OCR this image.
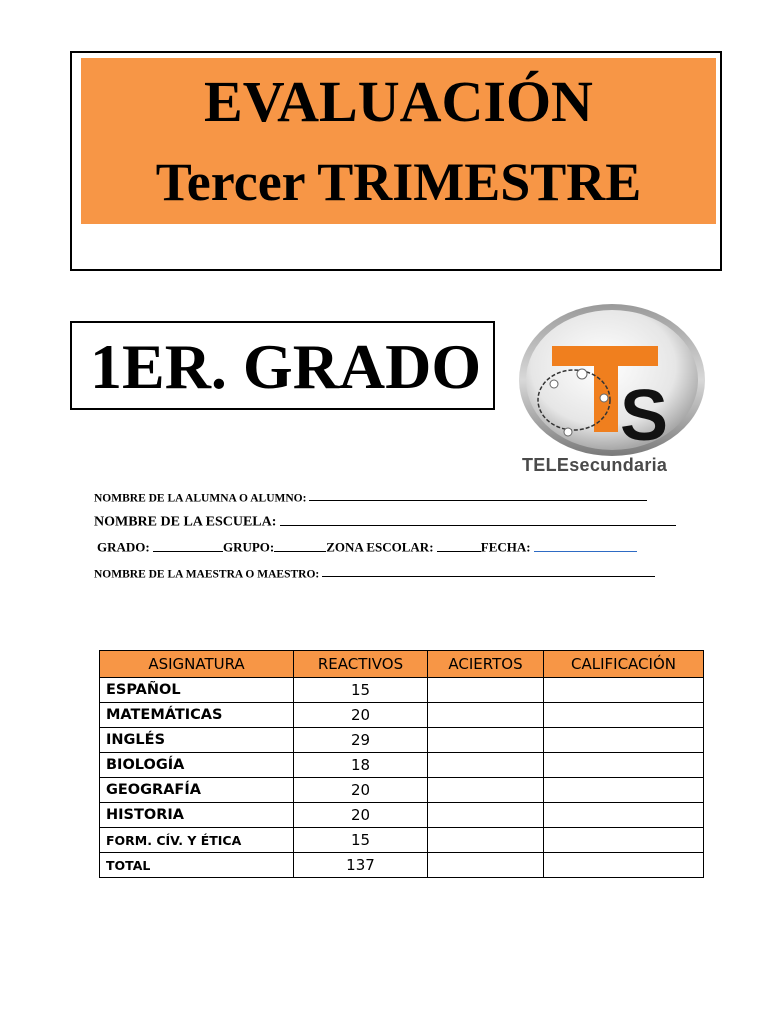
EVALUACIÓN
Tercer TRIMESTRE
1ER. GRADO
S
TELEsecundaria
NOMBRE DE LA ALUMNA O ALUMNO:
NOMBRE DE LA ESCUELA:
GRADO:	GRUPO:	ZONA ESCOLAR:	FECHA:
NOMBRE DE LA MAESTRA O MAESTRO:
ASIGNATURA	REACTIVOS	ACIERTOS	CALIFICACIÓN
ESPAÑOL	15		
MATEMÁTICAS	20		
INGLÉS	29		
BIOLOGÍA	18		
GEOGRAFÍA	20		
HISTORIA	20		
FORM. CÍV. Y ÉTICA	15		
TOTAL	137		
